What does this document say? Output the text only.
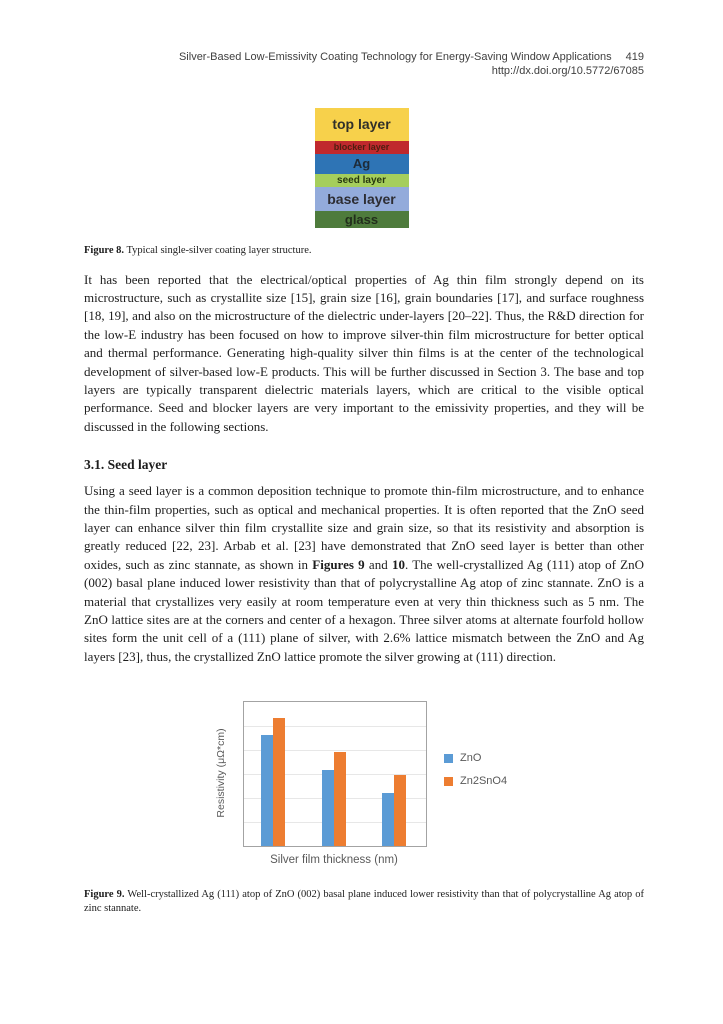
Silver-Based Low-Emissivity Coating Technology for Energy-Saving Window Applications 419
http://dx.doi.org/10.5772/67085
top layer
blocker layer
Ag
seed layer
base layer
glass
Figure 8. Typical single-silver coating layer structure.

It has been reported that the electrical/optical properties of Ag thin film strongly depend on its microstructure, such as crystallite size [15], grain size [16], grain boundaries [17], and surface roughness [18, 19], and also on the microstructure of the dielectric under-layers [20–22]. Thus, the R&D direction for the low-E industry has been focused on how to improve silver-thin film microstructure for better optical and thermal performance. Generating high-quality silver thin films is at the center of the technological development of silver-based low-E products. This will be further discussed in Section 3. The base and top layers are typically transparent dielectric materials layers, which are critical to the visible optical performance. Seed and blocker layers are very important to the emissivity properties, and they will be discussed in the following sections.

3.1. Seed layer

Using a seed layer is a common deposition technique to promote thin-film microstructure, and to enhance the thin-film properties, such as optical and mechanical properties. It is often reported that the ZnO seed layer can enhance silver thin film crystallite size and grain size, so that its resistivity and absorption is greatly reduced [22, 23]. Arbab et al. [23] have demonstrated that ZnO seed layer is better than other oxides, such as zinc stannate, as shown in Figures 9 and 10. The well-crystallized Ag (111) atop of ZnO (002) basal plane induced lower resistivity than that of polycrystalline Ag atop of zinc stannate. ZnO is a material that crystallizes very easily at room temperature even at very thin thickness such as 5 nm. The ZnO lattice sites are at the corners and center of a hexagon. Three silver atoms at alternate fourfold hollow sites form the unit cell of a (111) plane of silver, with 2.6% lattice mismatch between the ZnO and Ag layers [23], thus, the crystallized ZnO lattice promote the silver growing at (111) direction.

Resistivity (μΩ*cm)
Silver film thickness (nm)
ZnO
Zn2SnO4
Figure 9. Well-crystallized Ag (111) atop of ZnO (002) basal plane induced lower resistivity than that of polycrystalline Ag atop of zinc stannate.
